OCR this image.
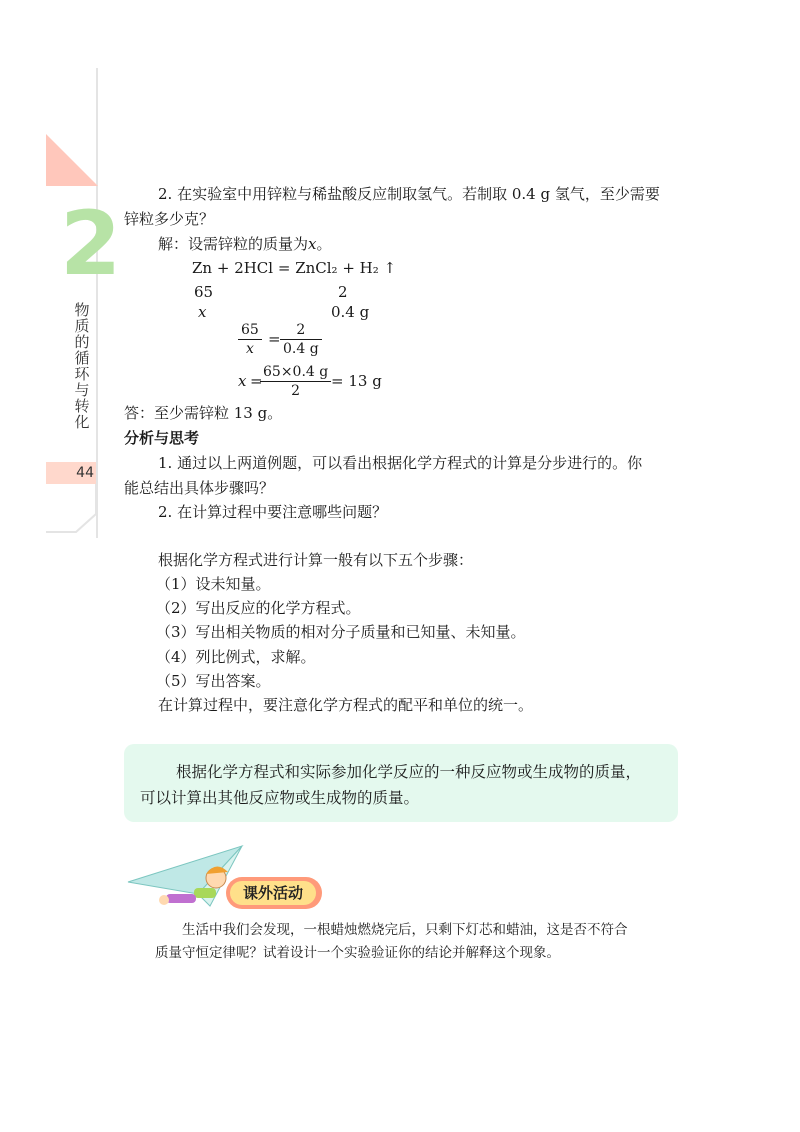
2
物质的循环与转化
44
2. 在实验室中用锌粒与稀盐酸反应制取氢气。若制取 0.4 g 氢气，至少需要
锌粒多少克？
解：设需锌粒的质量为x。
Zn + 2HCl = ZnCl₂ + H₂ ↑
65	2
x	0.4 g
$\frac{65}{x} = \frac{2}{0.4 g}$
x =
$\frac{65\times 0.4 g}{2} = 13$ g
答：至少需锌粒 13 g。
分析与思考
1. 通过以上两道例题，可以看出根据化学方程式的计算是分步进行的。你
能总结出具体步骤吗？
2. 在计算过程中要注意哪些问题？
根据化学方程式进行计算一般有以下五个步骤：
（1）设未知量。
（2）写出反应的化学方程式。
（3）写出相关物质的相对分子质量和已知量、未知量。
（4）列比例式，求解。
（5）写出答案。
在计算过程中，要注意化学方程式的配平和单位的统一。
根据化学方程式和实际参加化学反应的一种反应物或生成物的质量，
可以计算出其他反应物或生成物的质量。
课外活动
生活中我们会发现，一根蜡烛燃烧完后，只剩下灯芯和蜡油，这是否不符合
质量守恒定律呢？试着设计一个实验验证你的结论并解释这个现象。
